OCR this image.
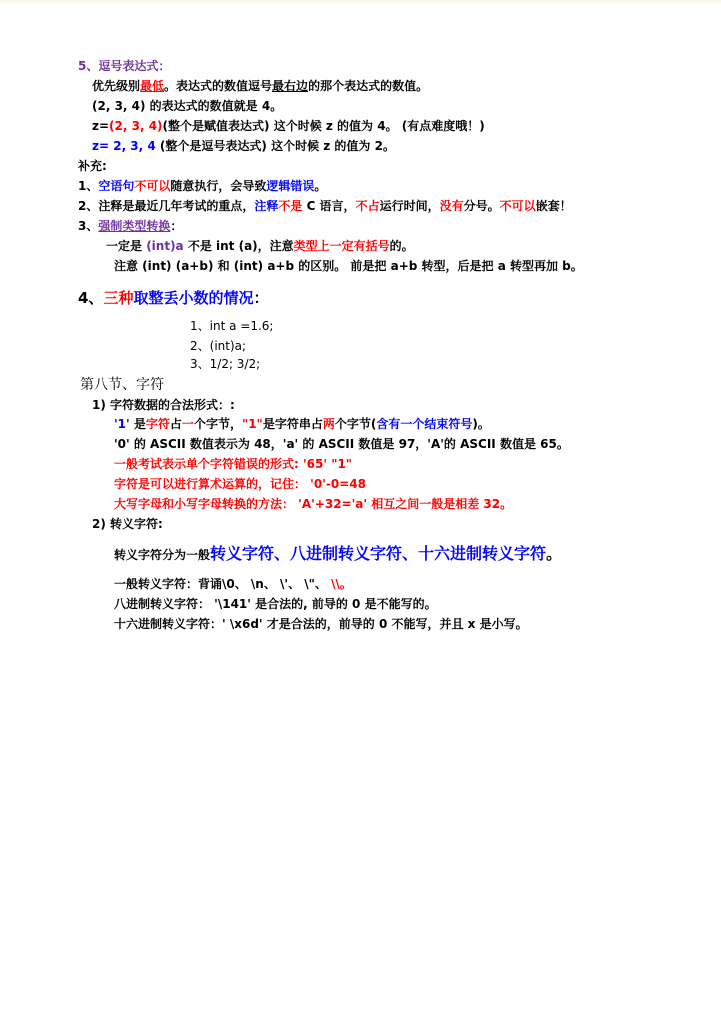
5、逗号表达式：
优先级别最低。表达式的数值逗号最右边的那个表达式的数值。
(2, 3, 4) 的表达式的数值就是 4。
z=(2, 3, 4)(整个是赋值表达式) 这个时候 z 的值为 4。 (有点难度哦！)
z= 2, 3, 4 (整个是逗号表达式) 这个时候 z 的值为 2。
补充:
1、空语句不可以随意执行，会导致逻辑错误。
2、注释是最近几年考试的重点，注释不是 C 语言，不占运行时间，没有分号。不可以嵌套！
3、强制类型转换：
一定是 (int)a 不是 int (a)，注意类型上一定有括号的。
注意 (int) (a+b) 和 (int) a+b 的区别。 前是把 a+b 转型，后是把 a 转型再加 b。
4、三种取整丢小数的情况：
1、int a =1.6;
2、(int)a;
3、1/2; 3/2;
第八节、字符
1) 字符数据的合法形式：:
'1' 是字符占一个字节，"1"是字符串占两个字节(含有一个结束符号)。
'0' 的 ASCII 数值表示为 48，'a' 的 ASCII 数值是 97，'A'的 ASCII 数值是 65。
一般考试表示单个字符错误的形式: '65' "1"
字符是可以进行算术运算的，记住： '0'-0=48
大写字母和小写字母转换的方法： 'A'+32='a' 相互之间一般是相差 32。
2) 转义字符:
转义字符分为一般转义字符、八进制转义字符、十六进制转义字符。
一般转义字符：背诵\0、 \n、 \'、 \"、 \\。
八进制转义字符： '\141' 是合法的, 前导的 0 是不能写的。
十六进制转义字符：' \x6d' 才是合法的，前导的 0 不能写，并且 x 是小写。
